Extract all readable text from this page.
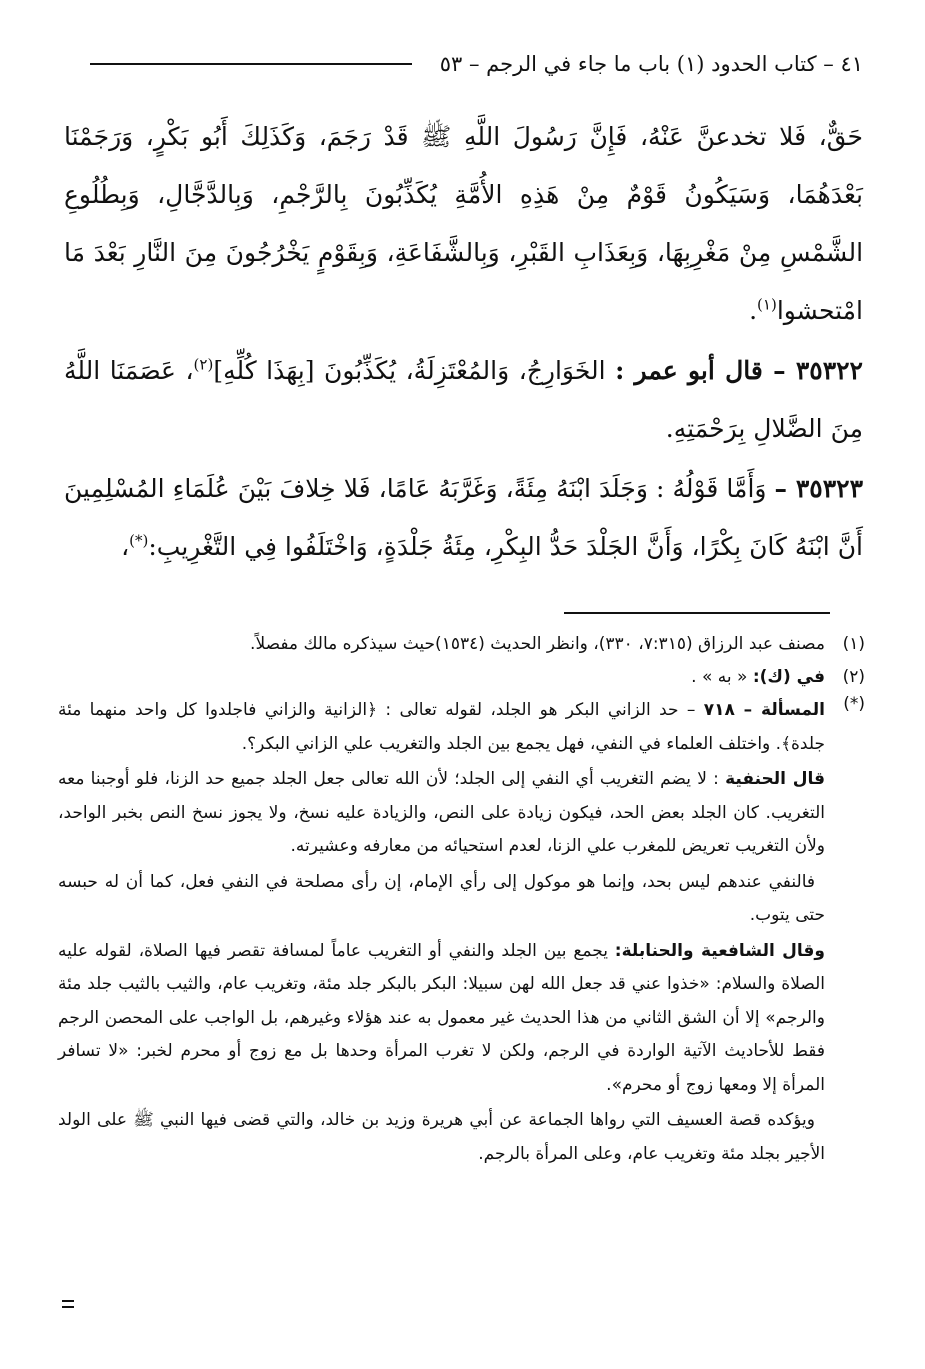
٤١ – كتاب الحدود (١) باب ما جاء في الرجم – ٥٣

حَقٌّ، فَلا تخدعنَّ عَنْهُ، فَإِنَّ رَسُولَ اللَّهِ ﷺ قَدْ رَجَمَ، وَكَذَلِكَ أَبُو بَكْرٍ، وَرَجَمْنَا بَعْدَهُمَا، وَسَيَكُونُ قَوْمٌ مِنْ هَذِهِ الأُمَّةِ يُكَذِّبُونَ بِالرَّجْمِ، وَبِالدَّجَّالِ، وَبِطُلُوعِ الشَّمْسِ مِنْ مَغْرِبِهَا، وَبِعَذَابِ القَبْرِ، وَبِالشَّفَاعَةِ، وَبِقَوْمٍ يَخْرُجُونَ مِنَ النَّارِ بَعْدَ مَا امْتحشوا$^{(١)}$.

٣٥٣٢٢ – قال أبو عمر : الخَوَارِجُ، وَالمُعْتَزِلَةُ، يُكَذِّبُونَ [بِهَذَا كُلِّهِ]$^{(٢)}$، عَصَمَنَا اللَّهُ مِنَ الضَّلالِ بِرَحْمَتِهِ.

٣٥٣٢٣ – وَأَمَّا قَوْلُهُ : وَجَلَدَ ابْنَهُ مِئَةً، وَغَرَّبَهُ عَامًا، فَلا خِلافَ بَيْنَ عُلَمَاءِ المُسْلِمِينَ أَنَّ ابْنَهُ كَانَ بِكْرًا، وَأَنَّ الجَلْدَ حَدُّ البِكْرِ، مِئَةُ جَلْدَةٍ، وَاخْتَلَفُوا فِي التَّغْرِيبِ:(*)،

(١)
مصنف عبد الرزاق (٧:٣١٥، ٣٣٠)، وانظر الحديث (١٥٣٤)حيث سيذكره مالك مفصلاً.

(٢)
في (ك): « به » .

(*)

المسألة – ٧١٨ – حد الزاني البكر هو الجلد، لقوله تعالى : ﴿الزانية والزاني فاجلدوا كل واحد منهما مئة جلدة﴾. واختلف العلماء في النفي، فهل يجمع بين الجلد والتغريب علي الزاني البكر؟.

قال الحنفية : لا يضم التغريب أي النفي إلى الجلد؛ لأن الله تعالى جعل الجلد جميع حد الزنا، فلو أوجبنا معه التغريب. كان الجلد بعض الحد، فيكون زيادة على النص، والزيادة عليه نسخ، ولا يجوز نسخ النص بخبر الواحد، ولأن التغريب تعريض للمغرب علي الزنا، لعدم استحيائه من معارفه وعشيرته.

فالنفي عندهم ليس بحد، وإنما هو موكول إلى رأي الإمام، إن رأى مصلحة في النفي فعل، كما أن له حبسه حتى يتوب.

وقال الشافعية والحنابلة: يجمع بين الجلد والنفي أو التغريب عاماً لمسافة تقصر فيها الصلاة، لقوله عليه الصلاة والسلام: «خذوا عني قد جعل الله لهن سبيلا: البكر بالبكر جلد مئة، وتغريب عام، والثيب بالثيب جلد مئة والرجم» إلا أن الشق الثاني من هذا الحديث غير معمول به عند هؤلاء وغيرهم، بل الواجب على المحصن الرجم فقط للأحاديث الآتية الواردة في الرجم، ولكن لا تغرب المرأة وحدها بل مع زوج أو محرم لخبر: «لا تسافر المرأة إلا ومعها زوج أو محرم».

ويؤكده قصة العسيف التي رواها الجماعة عن أبي هريرة وزيد بن خالد، والتي قضى فيها النبي ﷺ على الولد الأجير بجلد مئة وتغريب عام، وعلى المرأة بالرجم.
